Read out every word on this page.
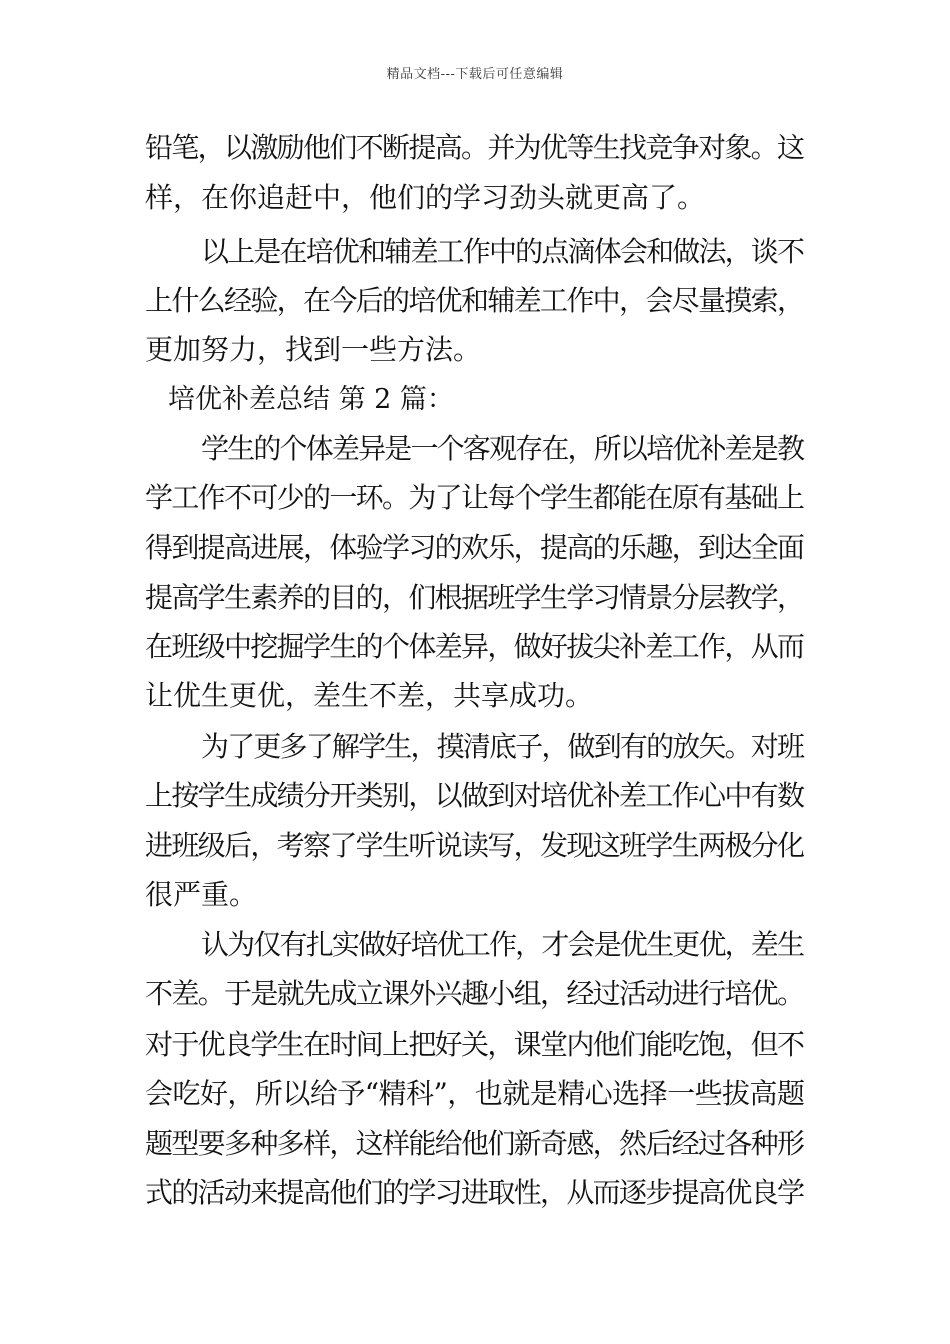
精品文档---下载后可任意编辑
铅笔，以激励他们不断提高。并为优等生找竞争对象。这
样，在你追赶中，他们的学习劲头就更高了。
以上是在培优和辅差工作中的点滴体会和做法，谈不
上什么经验，在今后的培优和辅差工作中，会尽量摸索，
更加努力，找到一些方法。
培优补差总结 第 2 篇：
学生的个体差异是一个客观存在，所以培优补差是教
学工作不可少的一环。为了让每个学生都能在原有基础上
得到提高进展，体验学习的欢乐，提高的乐趣，到达全面
提高学生素养的目的，们根据班学生学习情景分层教学，
在班级中挖掘学生的个体差异，做好拔尖补差工作，从而
让优生更优，差生不差，共享成功。
为了更多了解学生，摸清底子，做到有的放矢。对班
上按学生成绩分开类别，以做到对培优补差工作心中有数
进班级后，考察了学生听说读写，发现这班学生两极分化
很严重。
认为仅有扎实做好培优工作，才会是优生更优，差生
不差。于是就先成立课外兴趣小组，经过活动进行培优。
对于优良学生在时间上把好关，课堂内他们能吃饱，但不
会吃好，所以给予“精科”，也就是精心选择一些拔高题
题型要多种多样，这样能给他们新奇感，然后经过各种形
式的活动来提高他们的学习进取性，从而逐步提高优良学
